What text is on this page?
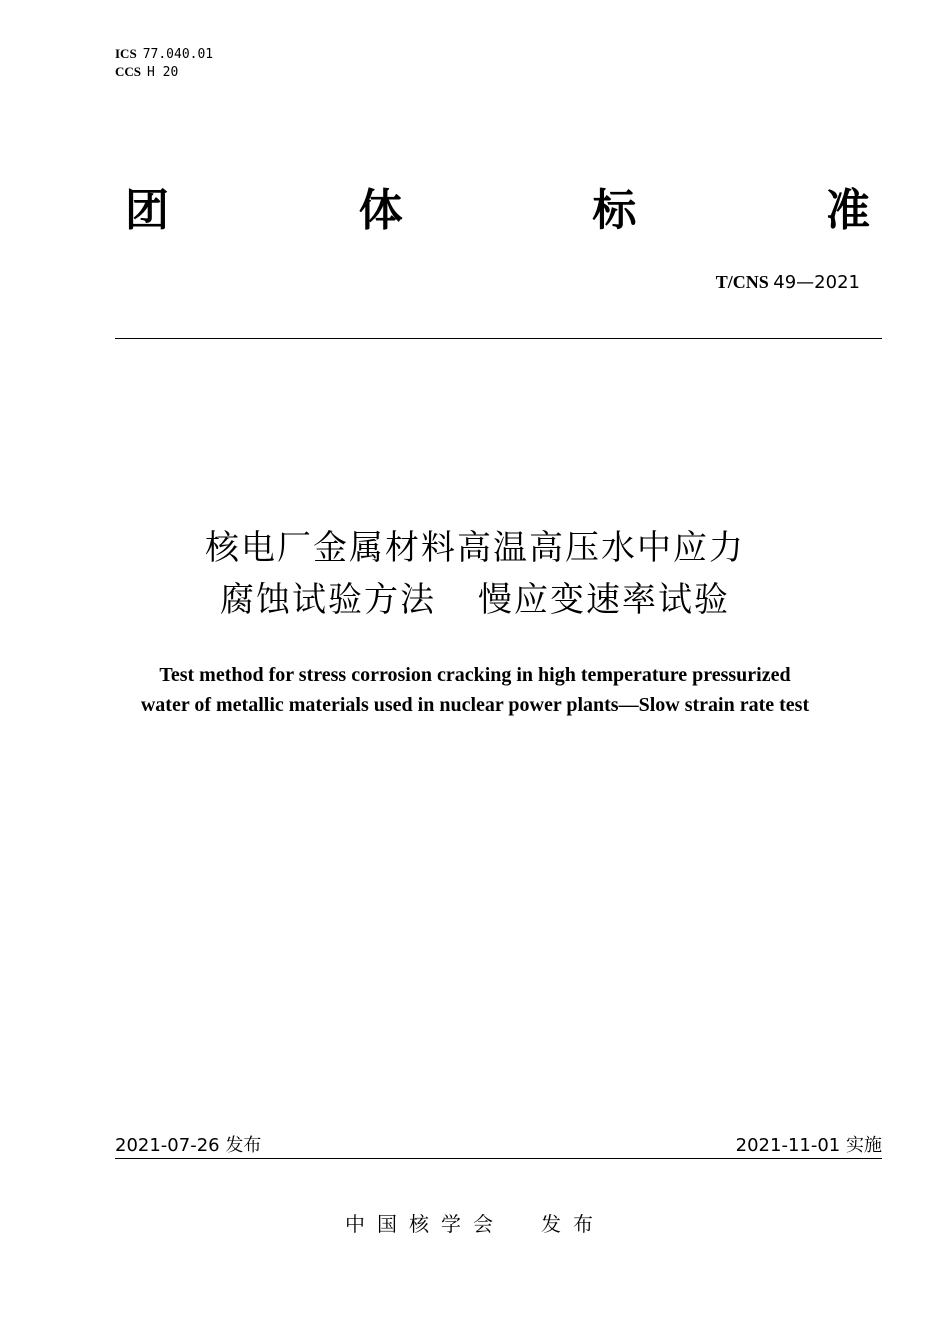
ICS 77.040.01
CCS H 20
团	体	标	准
T/CNS 49—2021
核电厂金属材料高温高压水中应力
腐蚀试验方法 慢应变速率试验
Test method for stress corrosion cracking in high temperature pressurized
water of metallic materials used in nuclear power plants—Slow strain rate test
2021-07-26 发布	2021-11-01 实施
中国核学会 发布
